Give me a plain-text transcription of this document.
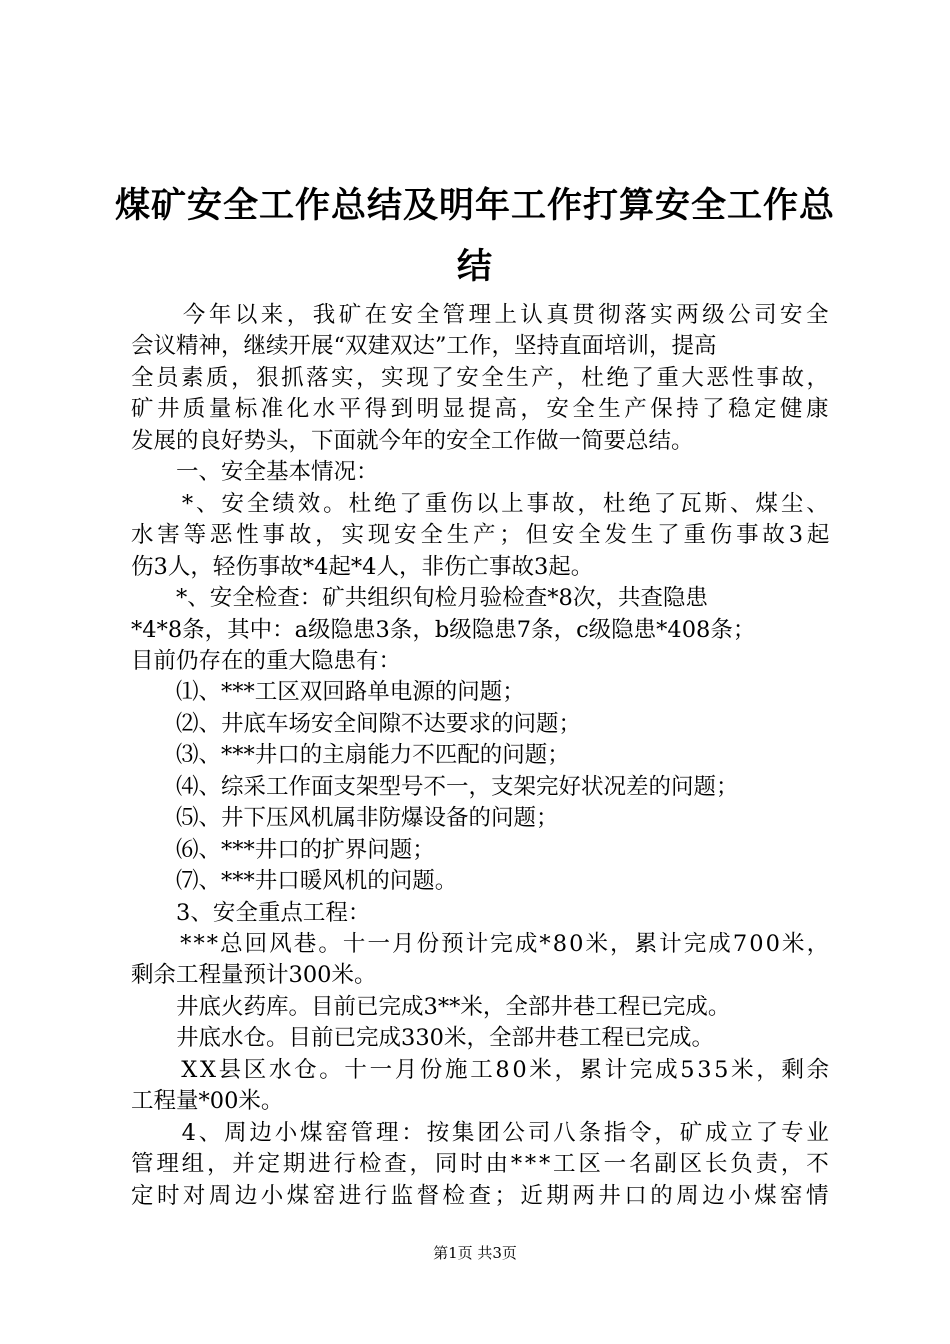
煤矿安全工作总结及明年工作打算安全工作总
结
　　今年以来，我矿在安全管理上认真贯彻落实两级公司安全
会议精神，继续开展“双建双达”工作，坚持直面培训，提高
全员素质，狠抓落实，实现了安全生产，杜绝了重大恶性事故，
矿井质量标准化水平得到明显提高，安全生产保持了稳定健康
发展的良好势头，下面就今年的安全工作做一简要总结。
　　一、安全基本情况：
　　*、安全绩效。杜绝了重伤以上事故，杜绝了瓦斯、煤尘、
水害等恶性事故，实现安全生产；但安全发生了重伤事故3起
伤3人，轻伤事故*4起*4人，非伤亡事故3起。
　　*、安全检查：矿共组织旬检月验检查*8次，共查隐患
*4*8条，其中：a级隐患3条，b级隐患7条，c级隐患*408条；
目前仍存在的重大隐患有：
　　⑴、***工区双回路单电源的问题；
　　⑵、井底车场安全间隙不达要求的问题；
　　⑶、***井口的主扇能力不匹配的问题；
　　⑷、综采工作面支架型号不一，支架完好状况差的问题；
　　⑸、井下压风机属非防爆设备的问题；
　　⑹、***井口的扩界问题；
　　⑺、***井口暖风机的问题。
　　3、安全重点工程：
　　***总回风巷。十一月份预计完成*80米，累计完成700米，
剩余工程量预计300米。
　　井底火药库。目前已完成3**米，全部井巷工程已完成。
　　井底水仓。目前已完成330米，全部井巷工程已完成。
　　XX县区水仓。十一月份施工80米，累计完成535米，剩余
工程量*00米。
　　4、周边小煤窑管理：按集团公司八条指令，矿成立了专业
管理组，并定期进行检查，同时由***工区一名副区长负责，不
定时对周边小煤窑进行监督检查；近期两井口的周边小煤窑情
第1页 共3页
